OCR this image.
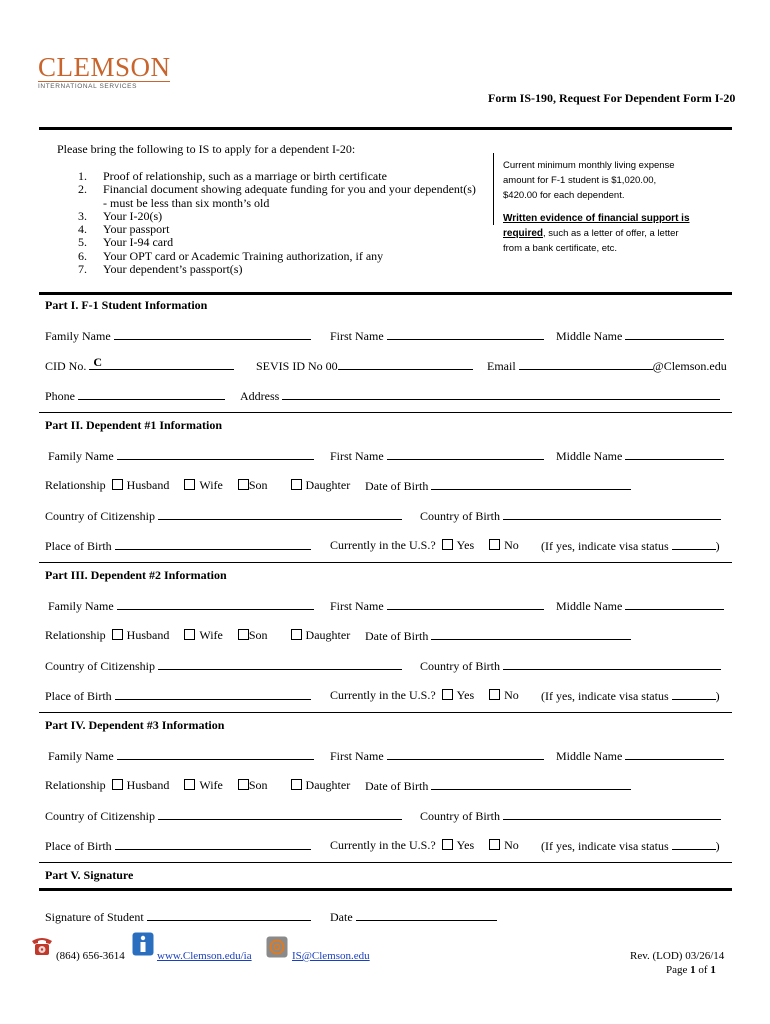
CLEMSON
INTERNATIONAL SERVICES
Form IS-190, Request For Dependent Form I-20
Please bring the following to IS to apply for a dependent I-20:
1. Proof of relationship, such as a marriage or birth certificate
2. Financial document showing adequate funding for you and your dependent(s)
- must be less than six month’s old
3. Your I-20(s)
4. Your passport
5. Your I-94 card
6. Your OPT card or Academic Training authorization, if any
7. Your dependent’s passport(s)
Current minimum monthly living expense
amount for F-1 student is $1,020.00,
$420.00 for each dependent.
Written evidence of financial support is
required, such as a letter of offer, a letter
from a bank certificate, etc.
Part I. F-1 Student Information
Family Name	First Name	Middle Name
CID No. C	SEVIS ID No 00	Email	@Clemson.edu
Phone	Address
Part II. Dependent #1 Information
Family Name	First Name	Middle Name
Relationship Husband	Wife Son	Daughter Date of Birth
Country of Citizenship	Country of Birth
Place of Birth	Currently in the U.S.? Yes	No (If yes, indicate visa status	)
Part III. Dependent #2 Information
Family Name	First Name	Middle Name
Relationship Husband	Wife Son	Daughter Date of Birth
Country of Citizenship	Country of Birth
Place of Birth	Currently in the U.S.? Yes	No (If yes, indicate visa status	)
Part IV. Dependent #3 Information
Family Name	First Name	Middle Name
Relationship Husband	Wife Son	Daughter Date of Birth
Country of Citizenship	Country of Birth
Place of Birth	Currently in the U.S.? Yes	No (If yes, indicate visa status	)
Part V. Signature
Signature of Student	Date
(864) 656-3614	www.Clemson.edu/ia	IS@Clemson.edu	Rev. (LOD) 03/26/14
Page 1 of 1
